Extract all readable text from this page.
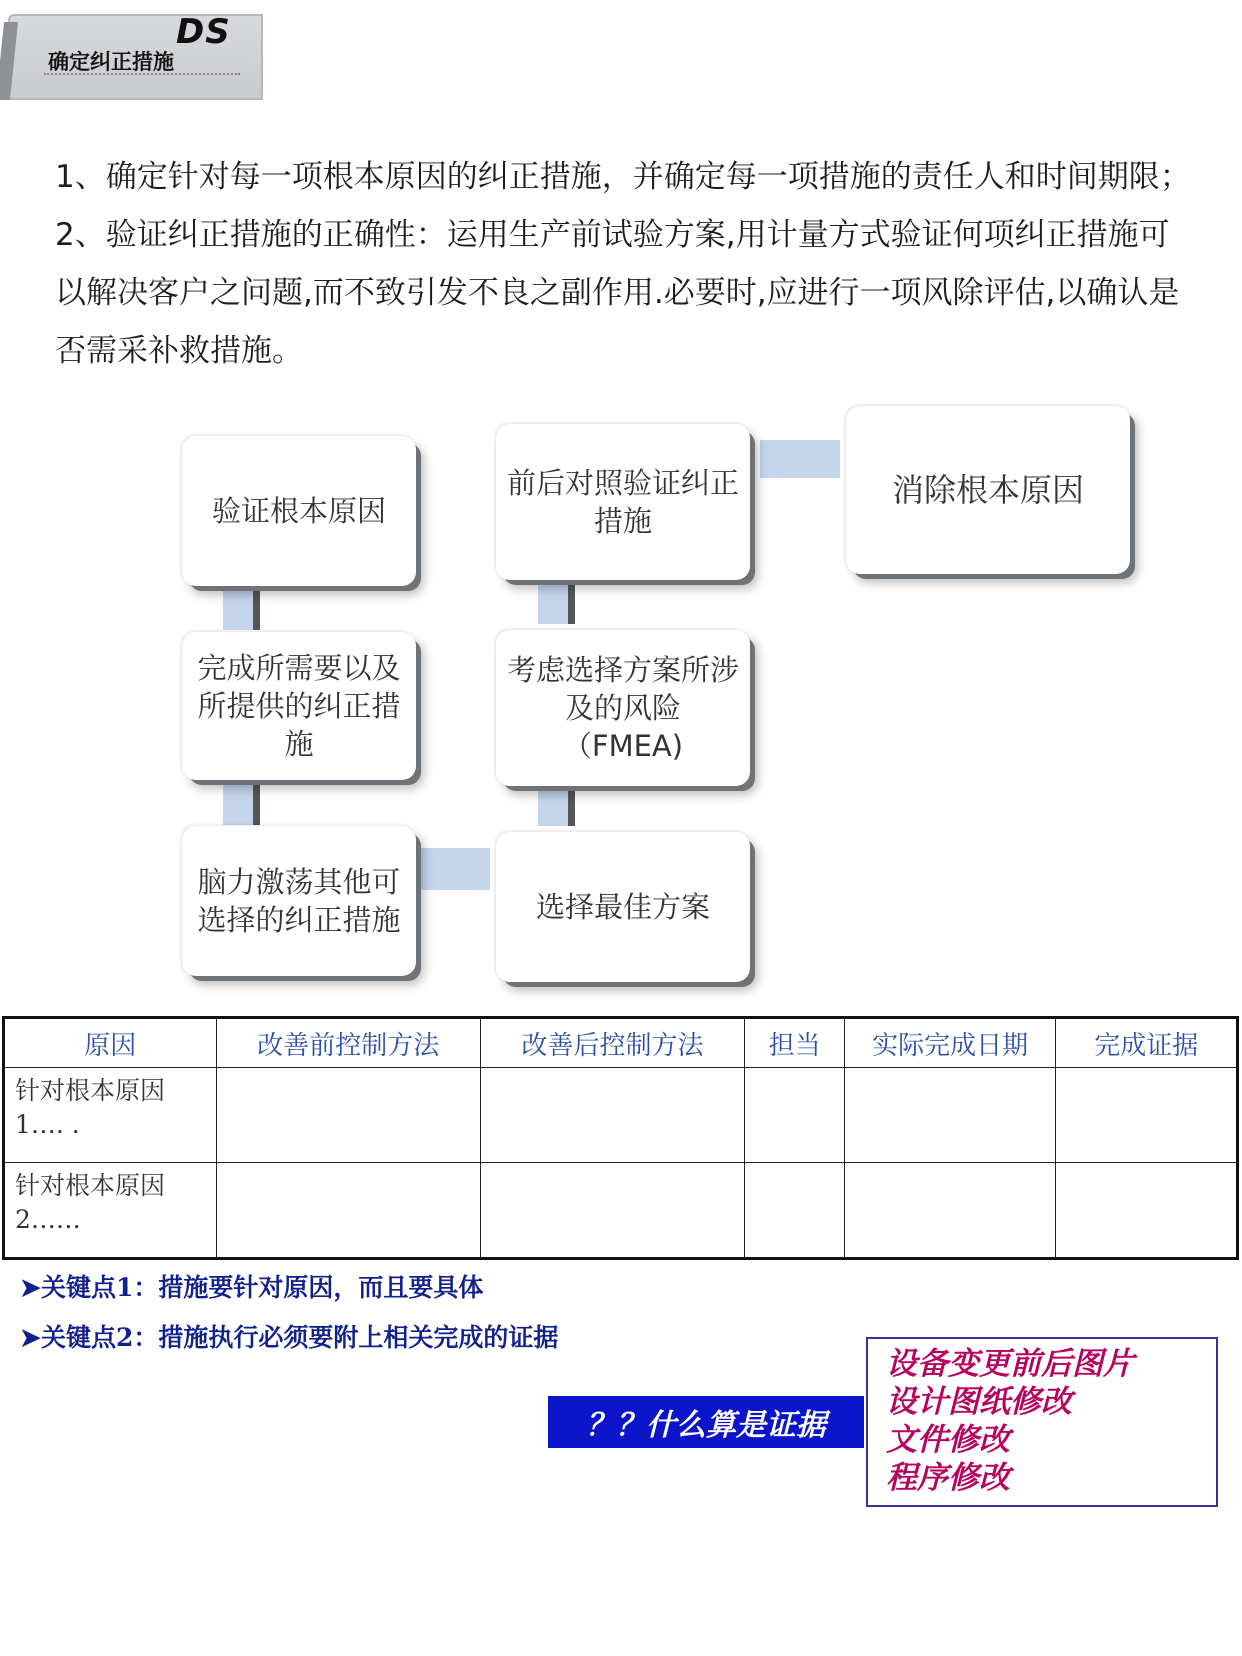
DS
确定纠正措施

1、确定针对每一项根本原因的纠正措施，并确定每一项措施的责任人和时间期限；

2、验证纠正措施的正确性：运用生产前试验方案,用计量方式验证何项纠正措施可以解决客户之问题,而不致引发不良之副作用.必要时,应进行一项风除评估,以确认是否需采补救措施。

验证根本原因
完成所需要以及所提供的纠正措施
脑力激荡其他可选择的纠正措施
前后对照验证纠正措施
考虑选择方案所涉及的风险（FMEA)
选择最佳方案
消除根本原因
原因	改善前控制方法	改善后控制方法	担当	实际完成日期	完成证据
针对根本原因1…. .					
针对根本原因2……					
➤关键点1：措施要针对原因，而且要具体
➤关键点2：措施执行必须要附上相关完成的证据
？？什么算是证据
设备变更前后图片
设计图纸修改
文件修改
程序修改
